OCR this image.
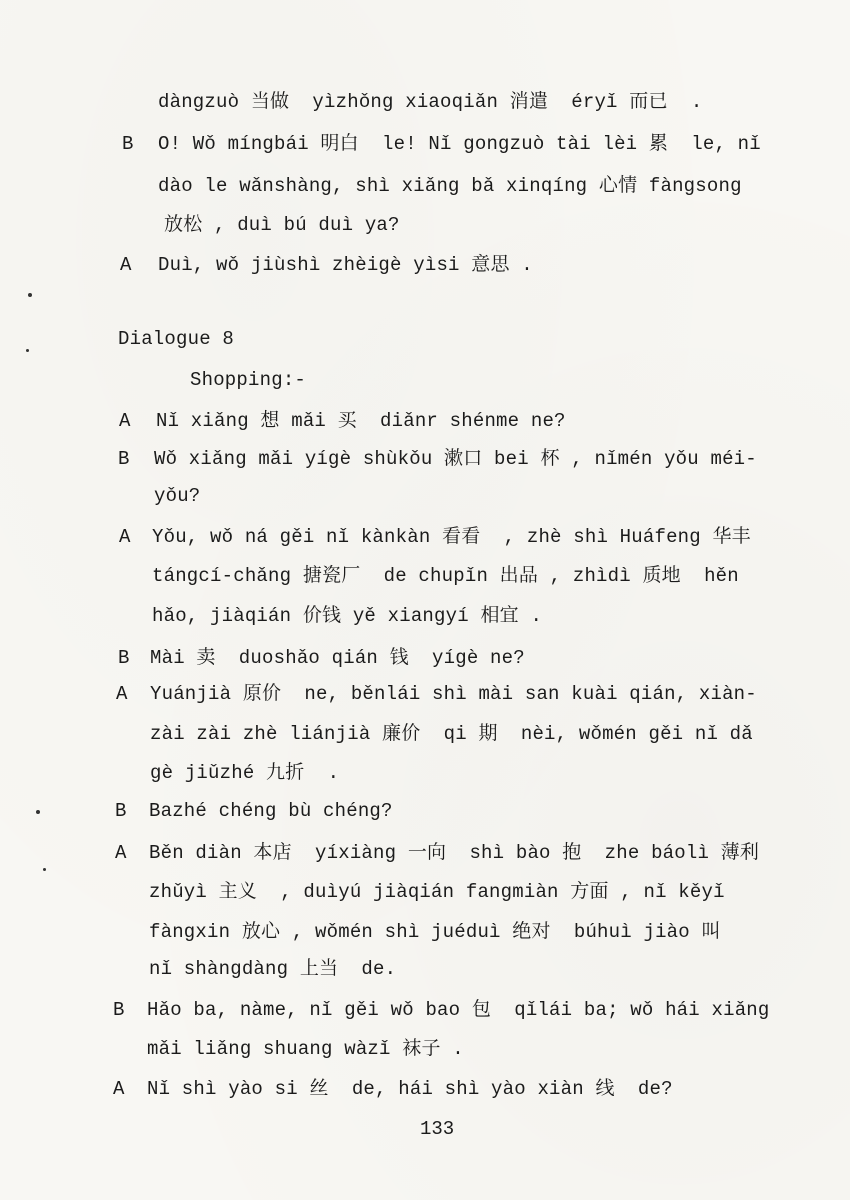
dàngzuò 当做  yìzhǒng xiaoqiǎn 消遣  éryǐ 而已  .
B O! Wǒ míngbái 明白  le! Nǐ gongzuò tài lèi 累  le, nǐ
dào le wǎnshàng, shì xiǎng bǎ xinqíng 心情 fàngsong
放松 , duì bú duì ya?
A Duì, wǒ jiùshì zhèigè yìsi 意思 .
Dialogue 8
Shopping:-
A Nǐ xiǎng 想 mǎi 买  diǎnr shénme ne?
B Wǒ xiǎng mǎi yígè shùkǒu 漱口 bei 杯 , nǐmén yǒu méi-
yǒu?
A Yǒu, wǒ ná gěi nǐ kànkàn 看看  , zhè shì Huáfeng 华丰
tángcí-chǎng 搪瓷厂  de chupǐn 出品 , zhìdì 质地  hěn
hǎo, jiàqián 价钱 yě xiangyí 相宜 .
B Mài 卖  duoshǎo qián 钱  yígè ne?
A Yuánjià 原价  ne, běnlái shì mài san kuài qián, xiàn-
zài zài zhè liánjià 廉价  qi 期  nèi, wǒmén gěi nǐ dǎ
gè jiǔzhé 九折  .
B Bazhé chéng bù chéng?
A Běn diàn 本店  yíxiàng 一向  shì bào 抱  zhe báolì 薄利
zhǔyì 主义  , duìyú jiàqián fangmiàn 方面 , nǐ kěyǐ
fàngxin 放心 , wǒmén shì juéduì 绝对  búhuì jiào 叫
nǐ shàngdàng 上当  de.
B Hǎo ba, nàme, nǐ gěi wǒ bao 包  qǐlái ba; wǒ hái xiǎng
mǎi liǎng shuang wàzǐ 袜子 .
A Nǐ shì yào si 丝  de, hái shì yào xiàn 线  de?
133
